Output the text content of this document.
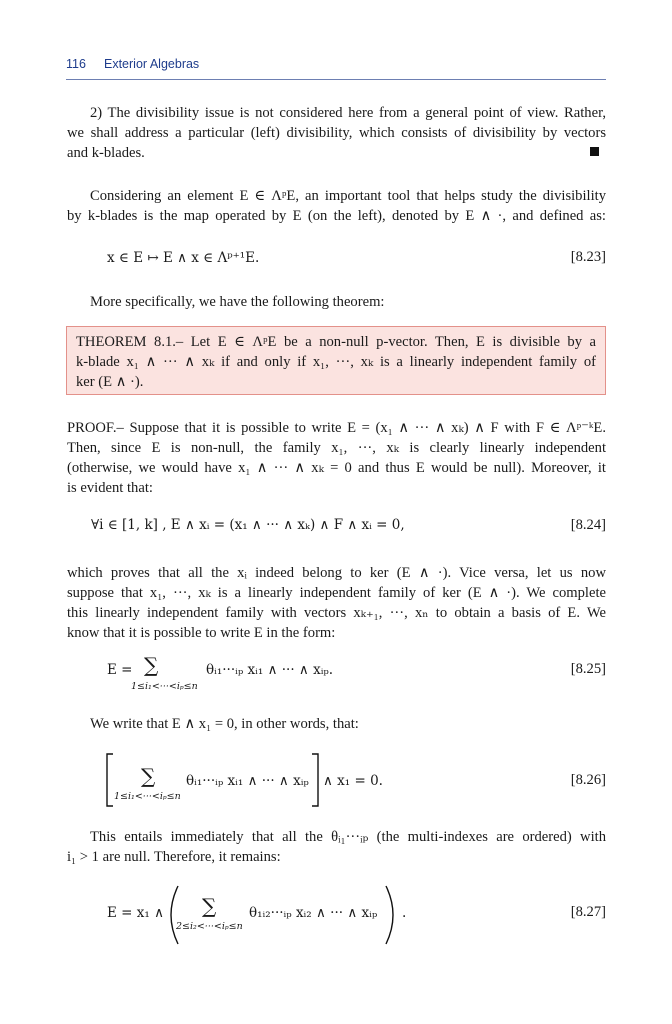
116 Exterior Algebras
2) The divisibility issue is not considered here from a general point of view. Rather,
we shall address a particular (left) divisibility, which consists of divisibility by vectors
and k-blades.
Considering an element E ∈ ΛᵖE, an important tool that helps study the divisibility
by k-blades is the map operated by E (on the left), denoted by E ∧ ·, and defined as:
x ∈ E ↦ E ∧ x ∈ Λᵖ⁺¹E.	[8.23]
More specifically, we have the following theorem:
THEOREM 8.1.– Let E ∈ ΛᵖE be a non-null p-vector. Then, E is divisible by a
k-blade x₁ ∧ ··· ∧ xₖ if and only if x₁, ···, xₖ is a linearly independent family of
ker (E ∧ ·).
PROOF.– Suppose that it is possible to write E = (x₁ ∧ ··· ∧ xₖ) ∧ F with F ∈ Λᵖ⁻ᵏE.
Then, since E is non-null, the family x₁, ···, xₖ is clearly linearly independent
(otherwise, we would have x₁ ∧ ··· ∧ xₖ = 0 and thus E would be null). Moreover, it
is evident that:
∀i ∈ [1, k] , E ∧ xᵢ = (x₁ ∧ ··· ∧ xₖ) ∧ F ∧ xᵢ = 0,	[8.24]
which proves that all the xᵢ indeed belong to ker (E ∧ ·). Vice versa, let us now
suppose that x₁, ···, xₖ is a linearly independent family of ker (E ∧ ·). We complete
this linearly independent family with vectors xₖ₊₁, ···, xₙ to obtain a basis of E. We
know that it is possible to write E in the form:
E = ∑
1≤i₁<···<iₚ≤n
θᵢ₁···ᵢₚ xᵢ₁ ∧ ··· ∧ xᵢₚ.	[8.25]
We write that E ∧ x₁ = 0, in other words, that:
∑
1≤i₁<···<iₚ≤n
θᵢ₁···ᵢₚ xᵢ₁ ∧ ··· ∧ xᵢₚ ∧ x₁ = 0.	[8.26]
This entails immediately that all the θᵢ₁···ᵢₚ (the multi-indexes are ordered) with
i₁ > 1 are null. Therefore, it remains:
E = x₁ ∧ ∑
2≤i₂<···<iₚ≤n
θ₁ᵢ₂···ᵢₚ xᵢ₂ ∧ ··· ∧ xᵢₚ .	[8.27]
